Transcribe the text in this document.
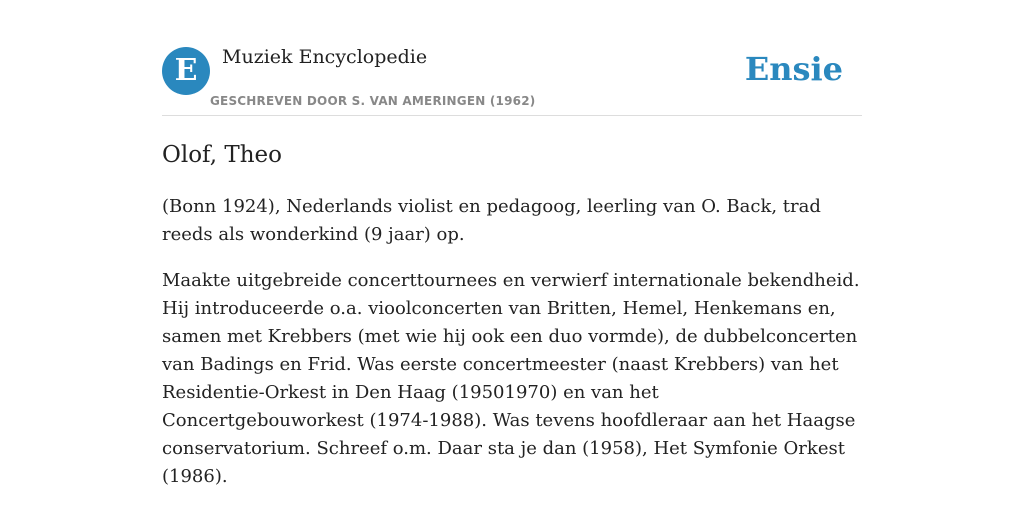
E	Muziek Encyclopedie
GESCHREVEN DOOR S. VAN AMERINGEN (1962)
Ensie
Olof, Theo

(Bonn 1924), Nederlands violist en pedagoog, leerling van O. Back, trad reeds als wonderkind (9 jaar) op.

Maakte uitgebreide concerttournees en verwierf internationale bekendheid. Hij introduceerde o.a. vioolconcerten van Britten, Hemel, Henkemans en, samen met Krebbers (met wie hij ook een duo vormde), de dubbelconcerten van Badings en Frid. Was eerste concertmeester (naast Krebbers) van het Residentie-Orkest in Den Haag (19501970) en van het Concertgebouworkest (1974-1988). Was tevens hoofdleraar aan het Haagse conservatorium. Schreef o.m. Daar sta je dan (1958), Het Symfonie Orkest (1986).
